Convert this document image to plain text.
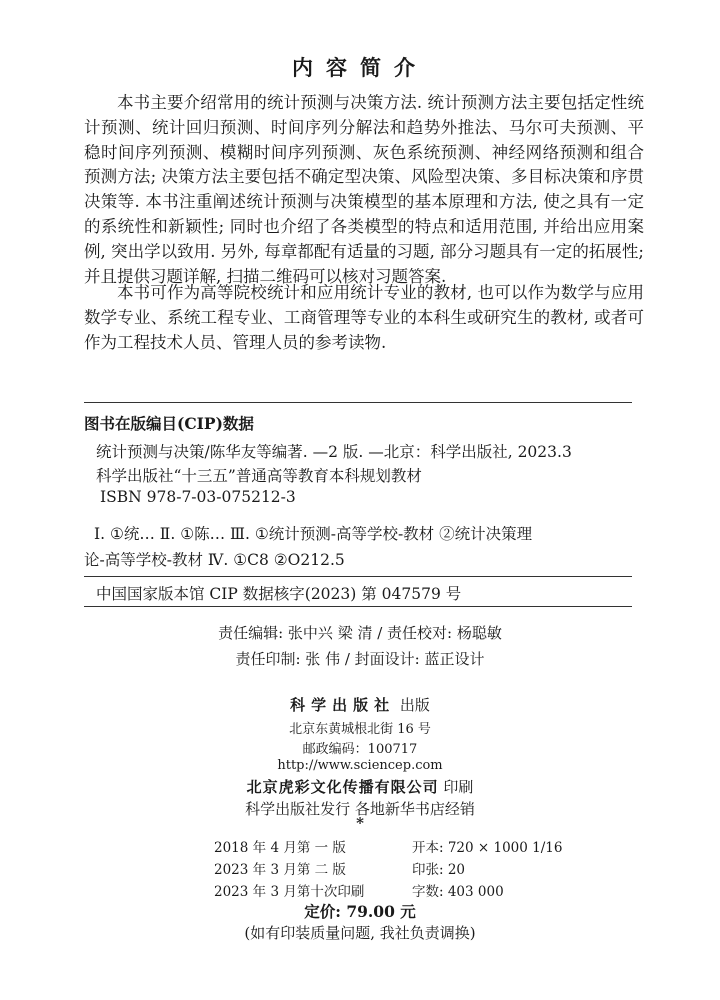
内容简介

本书主要介绍常用的统计预测与决策方法. 统计预测方法主要包括定性统计预测、统计回归预测、时间序列分解法和趋势外推法、马尔可夫预测、平稳时间序列预测、模糊时间序列预测、灰色系统预测、神经网络预测和组合预测方法; 决策方法主要包括不确定型决策、风险型决策、多目标决策和序贯决策等. 本书注重阐述统计预测与决策模型的基本原理和方法, 使之具有一定的系统性和新颖性; 同时也介绍了各类模型的特点和适用范围, 并给出应用案例, 突出学以致用. 另外, 每章都配有适量的习题, 部分习题具有一定的拓展性; 并且提供习题详解, 扫描二维码可以核对习题答案.

本书可作为高等院校统计和应用统计专业的教材, 也可以作为数学与应用数学专业、系统工程专业、工商管理等专业的本科生或研究生的教材, 或者可作为工程技术人员、管理人员的参考读物.

图书在版编目(CIP)数据
统计预测与决策/陈华友等编著. —2 版. —北京：科学出版社, 2023.3
科学出版社“十三五”普通高等教育本科规划教材
ISBN 978-7-03-075212-3
Ⅰ. ①统… Ⅱ. ①陈… Ⅲ. ①统计预测-高等学校-教材 ②统计决策理
论-高等学校-教材 Ⅳ. ①C8 ②O212.5
中国国家版本馆 CIP 数据核字(2023) 第 047579 号
责任编辑: 张中兴 梁 清 / 责任校对: 杨聪敏
责任印制: 张 伟 / 封面设计: 蓝正设计
科学出版社 出版
北京东黄城根北街 16 号
邮政编码：100717
http://www.sciencep.com
北京虎彩文化传播有限公司 印刷
科学出版社发行 各地新华书店经销
*
2018 年 4 月第 一 版	开本: 720 × 1000 1/16
2023 年 3 月第 二 版	印张: 20
2023 年 3 月第十次印刷	字数: 403 000
定价: 79.00 元
(如有印装质量问题, 我社负责调换)
